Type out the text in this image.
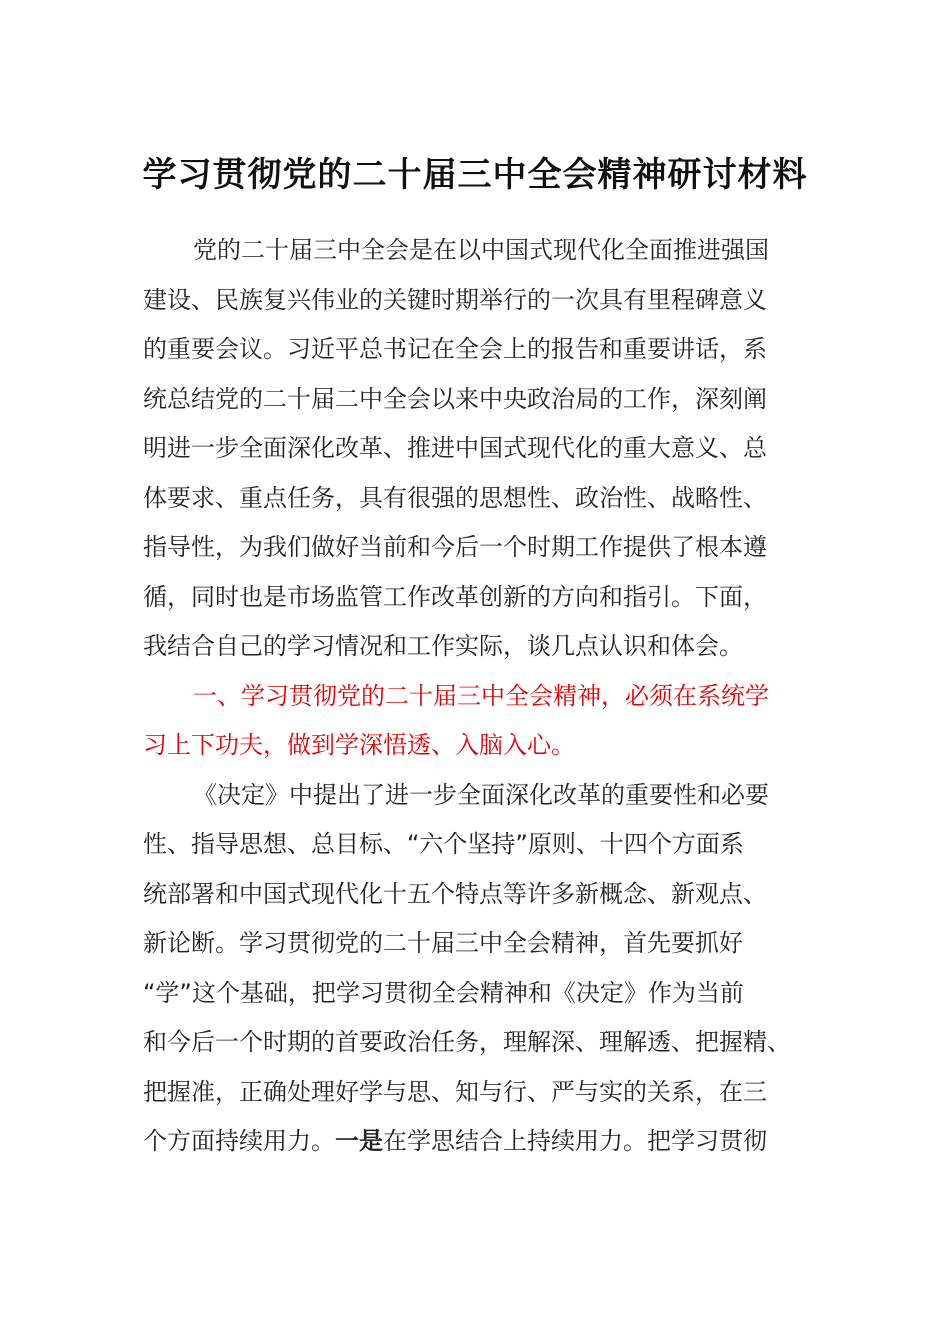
学习贯彻党的二十届三中全会精神研讨材料
党的二十届三中全会是在以中国式现代化全面推进强国
建设、民族复兴伟业的关键时期举行的一次具有里程碑意义
的重要会议。习近平总书记在全会上的报告和重要讲话，系
统总结党的二十届二中全会以来中央政治局的工作，深刻阐
明进一步全面深化改革、推进中国式现代化的重大意义、总
体要求、重点任务，具有很强的思想性、政治性、战略性、
指导性，为我们做好当前和今后一个时期工作提供了根本遵
循，同时也是市场监管工作改革创新的方向和指引。下面，
我结合自己的学习情况和工作实际，谈几点认识和体会。
一、学习贯彻党的二十届三中全会精神，必须在系统学
习上下功夫，做到学深悟透、入脑入心。
《决定》中提出了进一步全面深化改革的重要性和必要
性、指导思想、总目标、“六个坚持”原则、十四个方面系
统部署和中国式现代化十五个特点等许多新概念、新观点、
新论断。学习贯彻党的二十届三中全会精神，首先要抓好
“学”这个基础，把学习贯彻全会精神和《决定》作为当前
和今后一个时期的首要政治任务，理解深、理解透、把握精、
把握准，正确处理好学与思、知与行、严与实的关系，在三
个方面持续用力。一是在学思结合上持续用力。把学习贯彻
